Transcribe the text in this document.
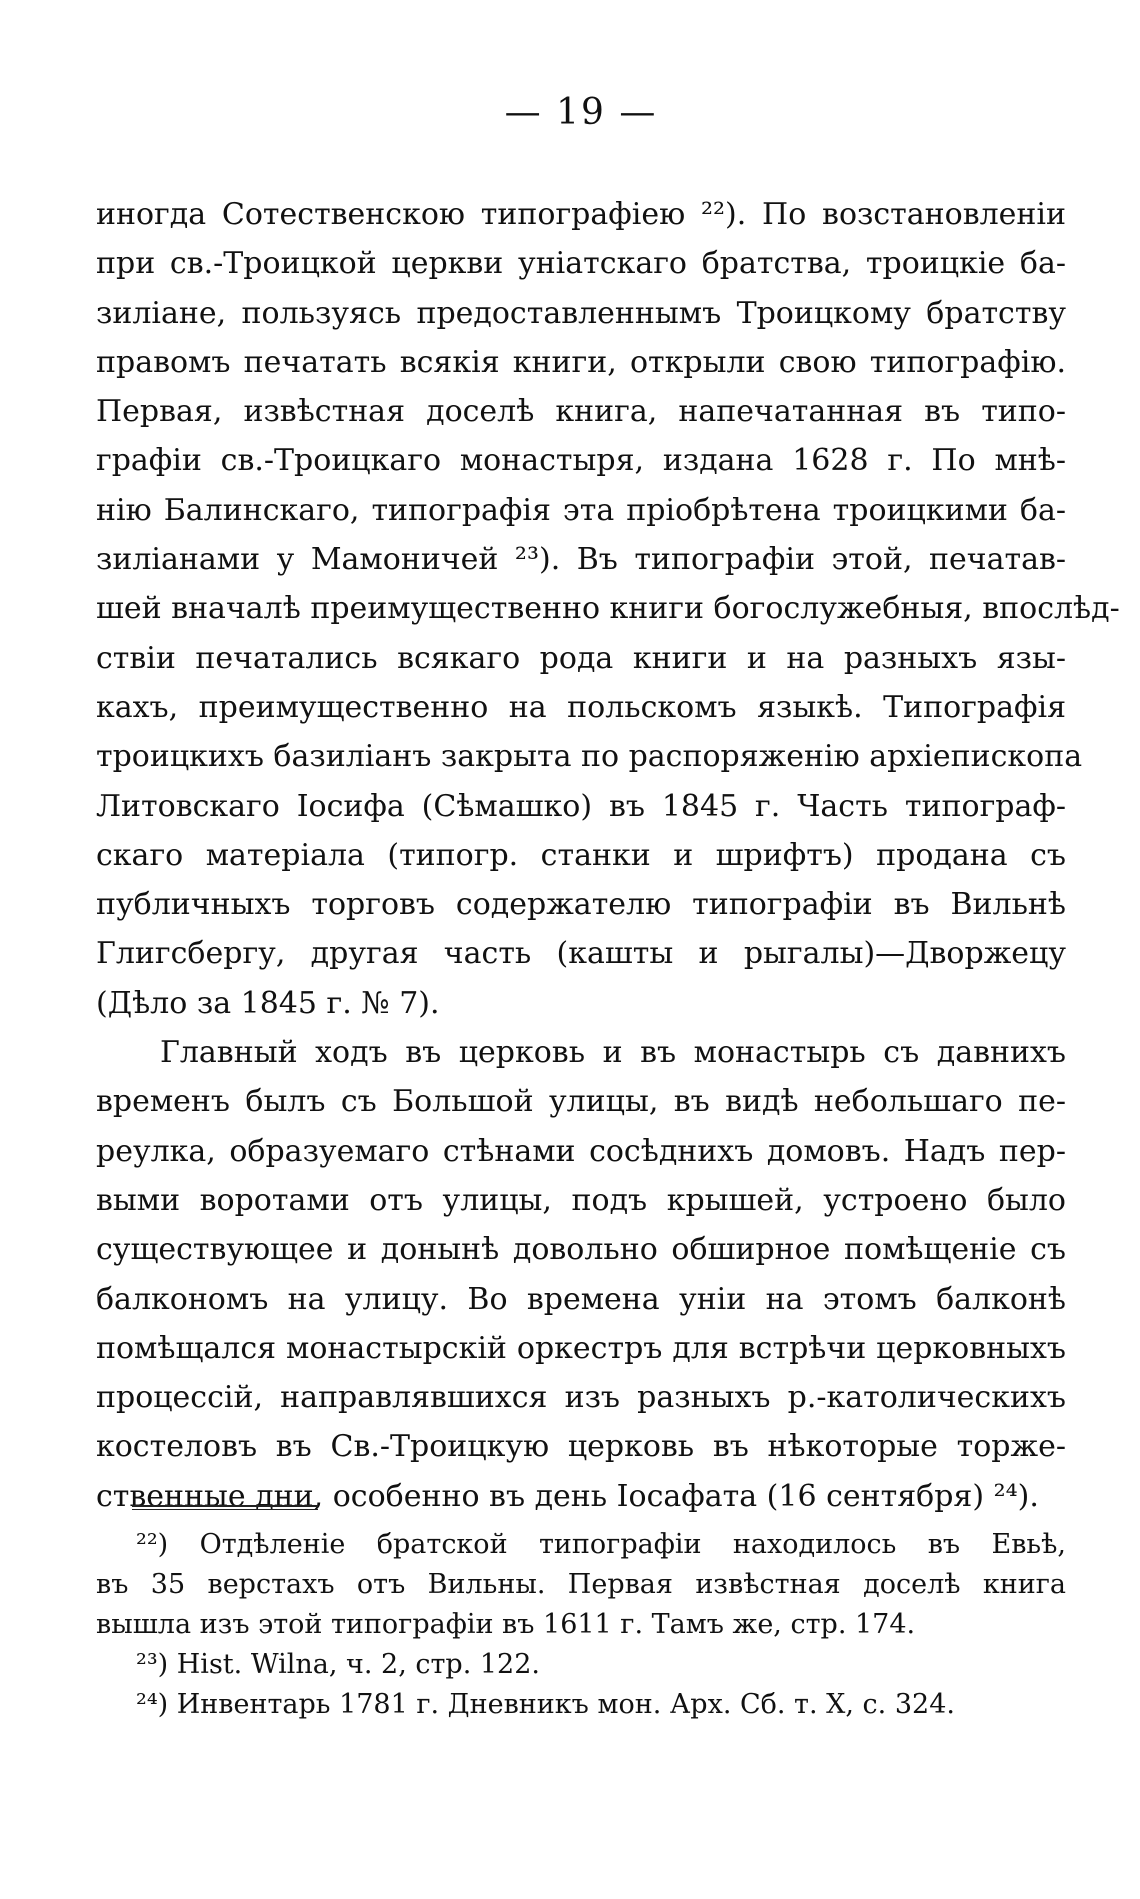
— 19 —
иногда Сотественскою типографіею ²²). По возстановленіи
при св.-Троицкой церкви уніатскаго братства, троицкіе ба-
зиліане, пользуясь предоставленнымъ Троицкому братству
правомъ печатать всякія книги, открыли свою типографію.
Первая, извѣстная доселѣ книга, напечатанная въ типо-
графіи св.-Троицкаго монастыря, издана 1628 г. По мнѣ-
нію Балинскаго, типографія эта пріобрѣтена троицкими ба-
зиліанами у Мамоничей ²³). Въ типографіи этой, печатав-
шей вначалѣ преимущественно книги богослужебныя, впослѣд-
ствіи печатались всякаго рода книги и на разныхъ язы-
кахъ, преимущественно на польскомъ языкѣ. Типографія
троицкихъ базиліанъ закрыта по распоряженію архіепископа
Литовскаго Іосифа (Сѣмашко) въ 1845 г. Часть типограф-
скаго матеріала (типогр. станки и шрифтъ) продана съ
публичныхъ торговъ содержателю типографіи въ Вильнѣ
Глигсбергу, другая часть (кашты и рыгалы)—Дворжецу
(Дѣло за 1845 г. № 7).
Главный ходъ въ церковь и въ монастырь съ давнихъ
временъ былъ съ Большой улицы, въ видѣ небольшаго пе-
реулка, образуемаго стѣнами сосѣднихъ домовъ. Надъ пер-
выми воротами отъ улицы, подъ крышей, устроено было
существующее и донынѣ довольно обширное помѣщеніе съ
балкономъ на улицу. Во времена уніи на этомъ балконѣ
помѣщался монастырскій оркестръ для встрѣчи церковныхъ
процессій, направлявшихся изъ разныхъ р.-католическихъ
костеловъ въ Св.-Троицкую церковь въ нѣкоторые торже-
ственные дни, особенно въ день Іосафата (16 сентября) ²⁴).
²²) Отдѣленіе братской типографіи находилось въ Евьѣ,
въ 35 верстахъ отъ Вильны. Первая извѣстная доселѣ книга
вышла изъ этой типографіи въ 1611 г. Тамъ же, стр. 174.
²³) Hist. Wilna, ч. 2, стр. 122.
²⁴) Инвентарь 1781 г. Дневникъ мон. Арх. Сб. т. X, с. 324.
